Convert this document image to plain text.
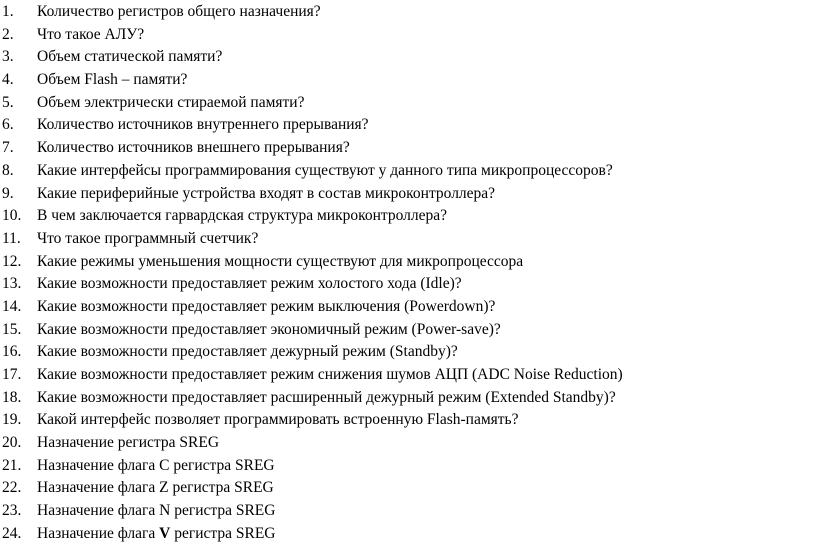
1. Количество регистров общего назначения?
2. Что такое АЛУ?
3. Объем статической памяти?
4. Объем Flash – памяти?
5. Объем электрически стираемой памяти?
6. Количество источников внутреннего прерывания?
7. Количество источников внешнего прерывания?
8. Какие интерфейсы программирования существуют у данного типа микропроцессоров?
9. Какие периферийные устройства входят в состав микроконтроллера?
10. В чем заключается гарвардская структура микроконтроллера?
11. Что такое программный счетчик?
12. Какие режимы уменьшения мощности существуют для микропроцессора
13. Какие возможности предоставляет режим холостого хода (Idle)?
14. Какие возможности предоставляет режим выключения (Powerdown)?
15. Какие возможности предоставляет экономичный режим (Power-save)?
16. Какие возможности предоставляет дежурный режим (Standby)?
17. Какие возможности предоставляет режим снижения шумов АЦП (ADC Noise Reduction)
18. Какие возможности предоставляет расширенный дежурный режим (Extended Standby)?
19. Какой интерфейс позволяет программировать встроенную Flash-память?
20. Назначение регистра SREG
21. Назначение флага С регистра SREG
22. Назначение флага Z регистра SREG
23. Назначение флага N регистра SREG
24. Назначение флага V регистра SREG
